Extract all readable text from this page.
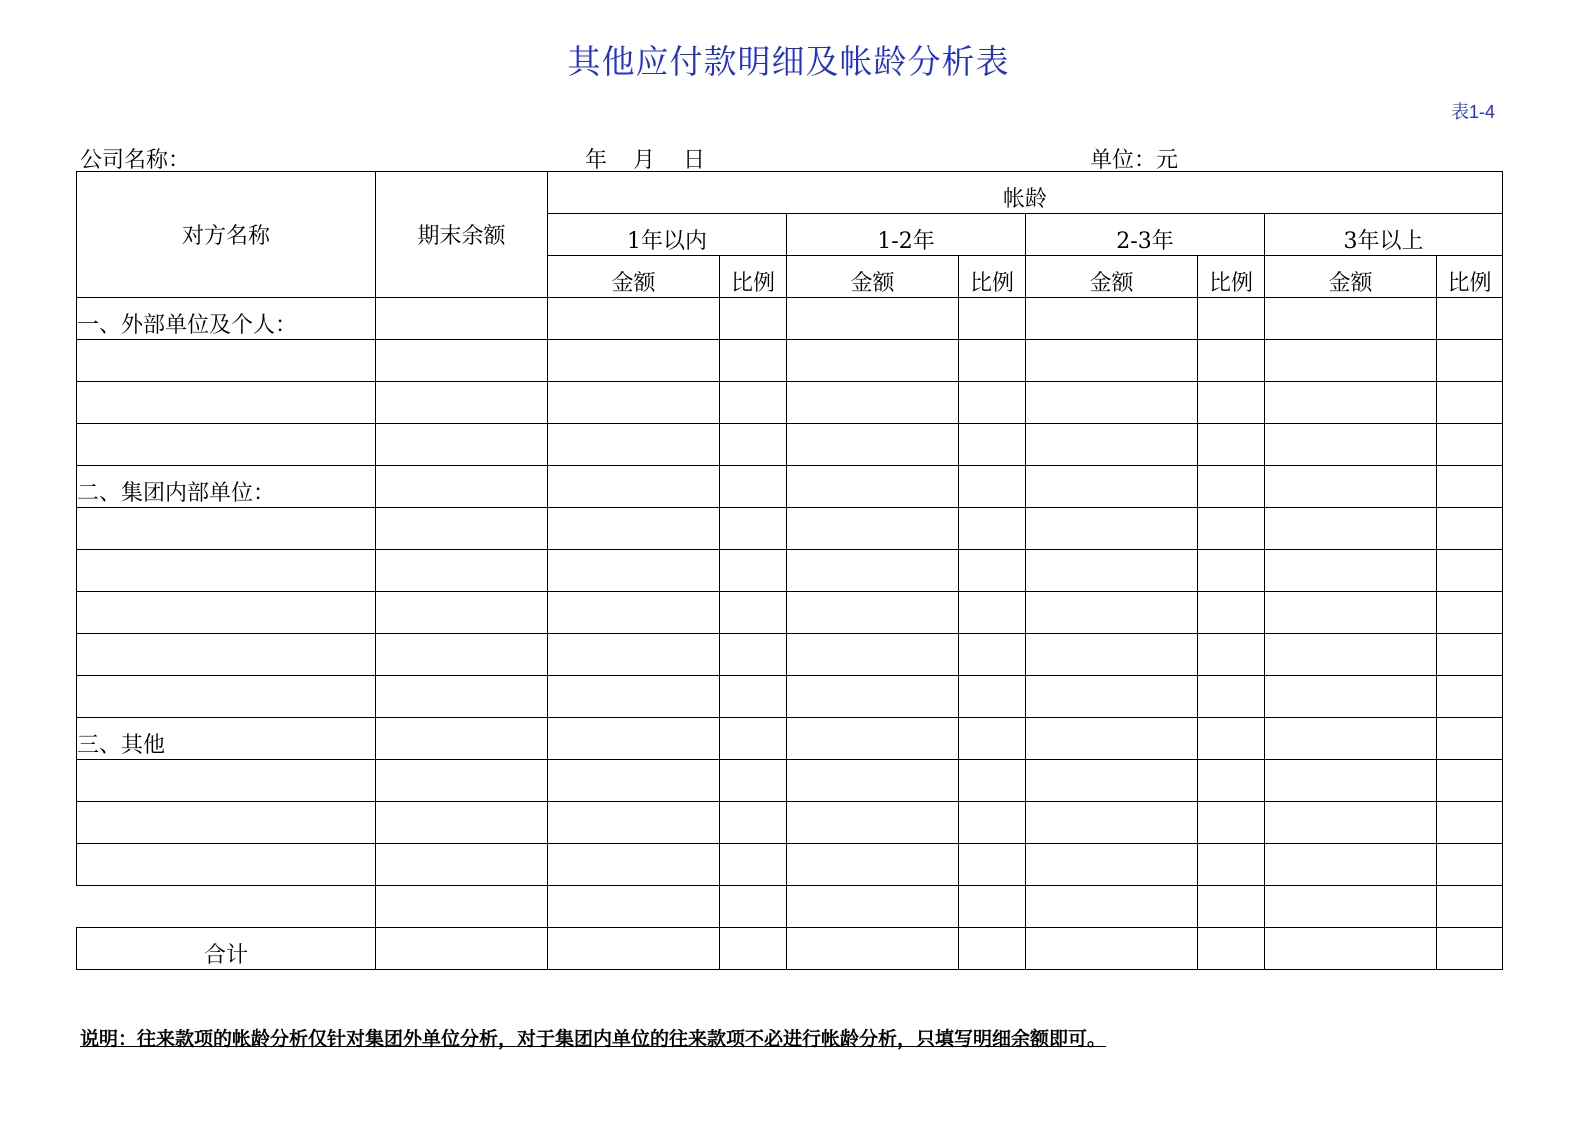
其他应付款明细及帐龄分析表
表1-4
公司名称：	年 月 日	单位：元
对方名称	期末余额	帐龄							
		1年以内		1-2年		2-3年		3年以上	
		金额	比例	金额	比例	金额	比例	金额	比例
一、外部单位及个人：									

二、集团内部单位：									

三、其他									

合计									
说明：往来款项的帐龄分析仅针对集团外单位分析，对于集团内单位的往来款项不必进行帐龄分析，只填写明细余额即可。
